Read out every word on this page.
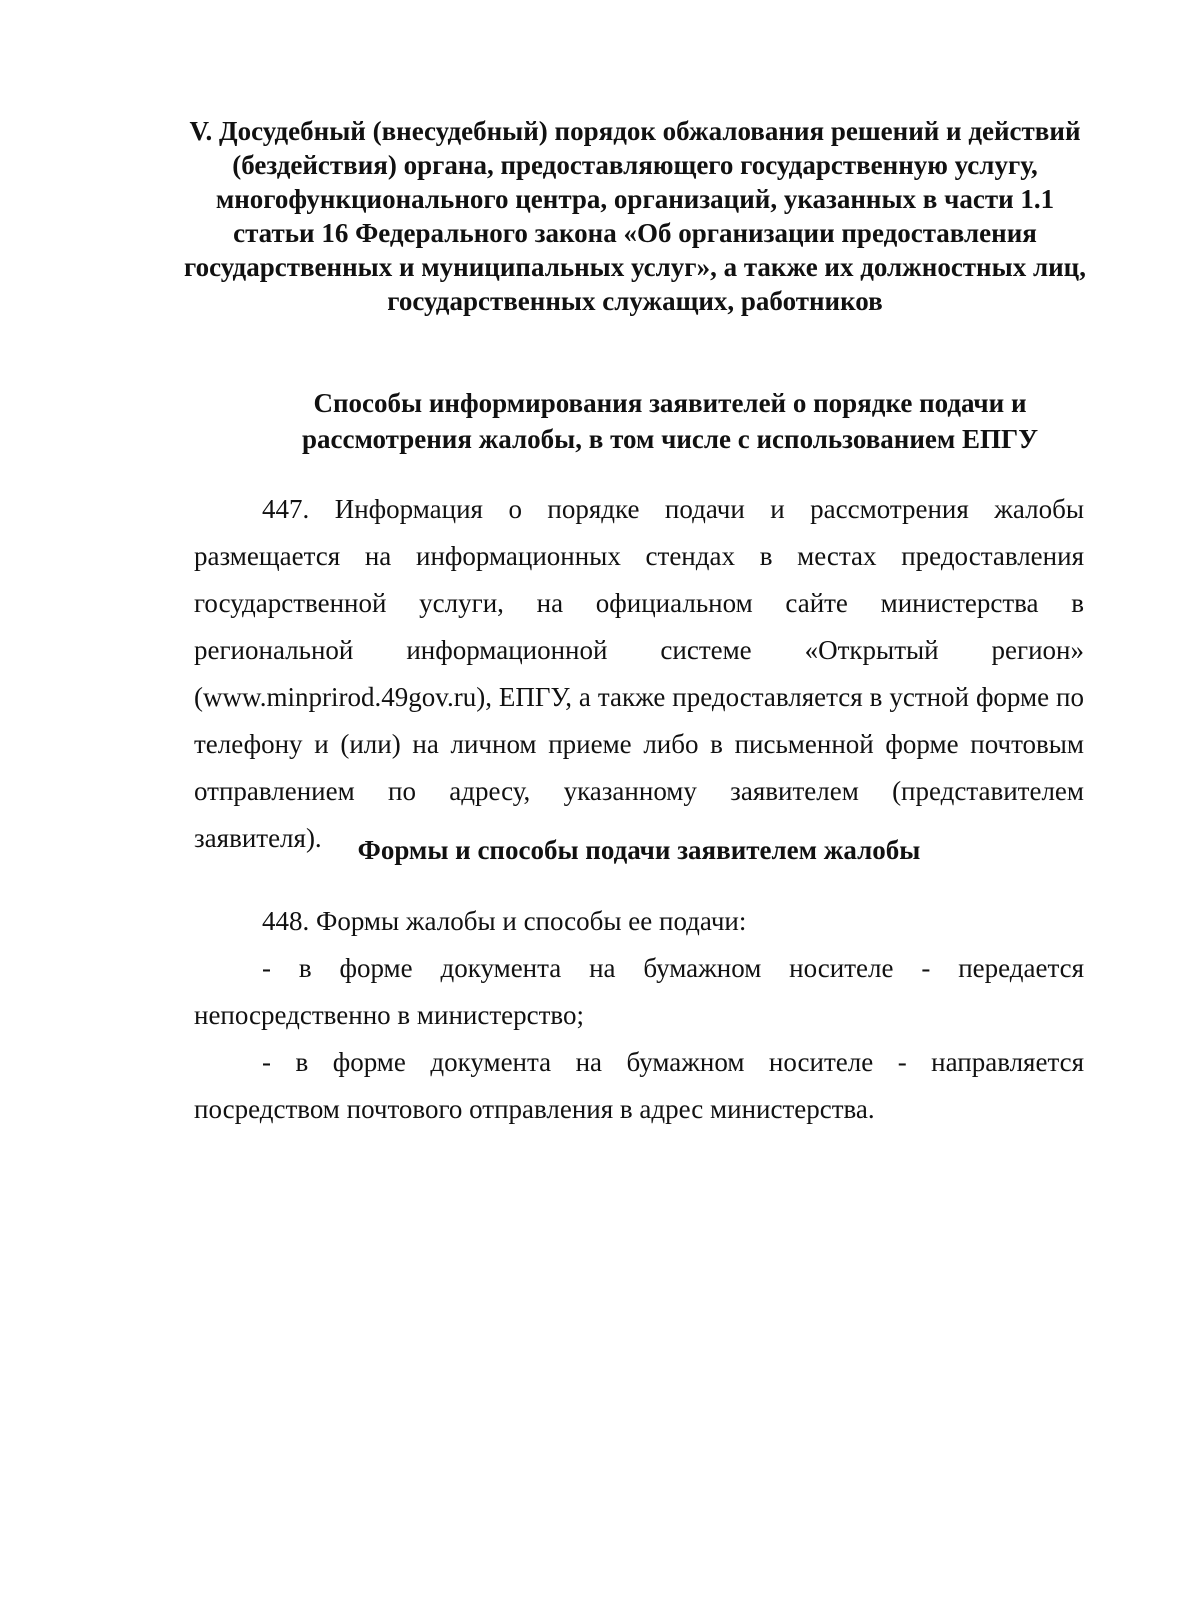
V. Досудебный (внесудебный) порядок обжалования решений и действий (бездействия) органа, предоставляющего государственную услугу, многофункционального центра, организаций, указанных в части 1.1 статьи 16 Федерального закона «Об организации предоставления государственных и муниципальных услуг», а также их должностных лиц, государственных служащих, работников
Способы информирования заявителей о порядке подачи и рассмотрения жалобы, в том числе с использованием ЕПГУ

447. Информация о порядке подачи и рассмотрения жалобы размещается на информационных стендах в местах предоставления государственной услуги, на официальном сайте министерства в региональной информационной системе «Открытый регион» (www.minprirod.49gov.ru), ЕПГУ, а также предоставляется в устной форме по телефону и (или) на личном приеме либо в письменной форме почтовым отправлением по адресу, указанному заявителем (представителем заявителя).	Формы и способы подачи заявителем жалобы

448. Формы жалобы и способы ее подачи:

- в форме документа на бумажном носителе - передается непосредственно в министерство;

- в форме документа на бумажном носителе - направляется посредством почтового отправления в адрес министерства.
